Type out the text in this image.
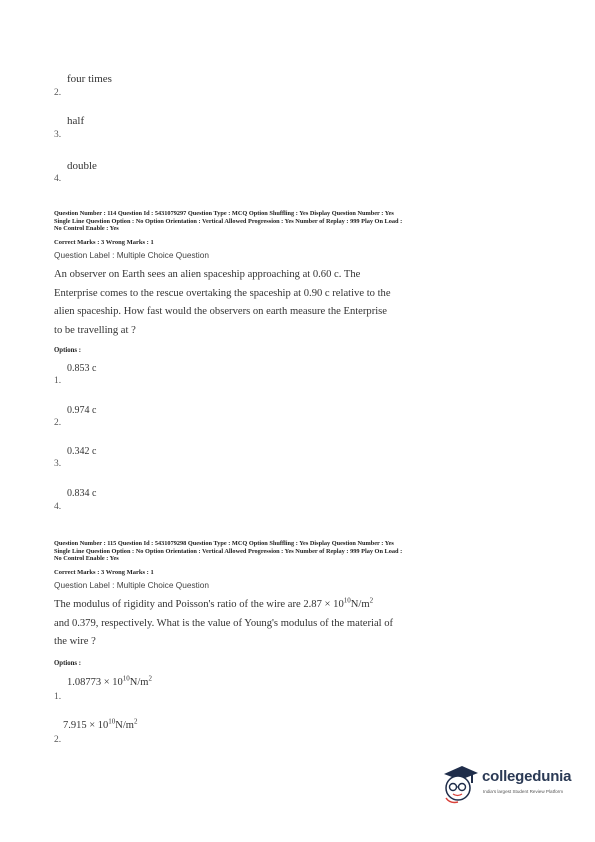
four times
2.
half
3.
double
4.
Question Number : 114 Question Id : 5431079297 Question Type : MCQ Option Shuffling : Yes Display Question Number : Yes
Single Line Question Option : No Option Orientation : Vertical Allowed Progression : Yes Number of Replay : 999 Play On Load :
No Control Enable : Yes
Correct Marks : 3 Wrong Marks : 1
Question Label : Multiple Choice Question
An observer on Earth sees an alien spaceship approaching at 0.60 c. The
Enterprise comes to the rescue overtaking the spaceship at 0.90 c relative to the
alien spaceship. How fast would the observers on earth measure the Enterprise
to be travelling at ?
Options :
0.853 c
1.
0.974 c
2.
0.342 c
3.
0.834 c
4.
Question Number : 115 Question Id : 5431079298 Question Type : MCQ Option Shuffling : Yes Display Question Number : Yes
Single Line Question Option : No Option Orientation : Vertical Allowed Progression : Yes Number of Replay : 999 Play On Load :
No Control Enable : Yes
Correct Marks : 3 Wrong Marks : 1
Question Label : Multiple Choice Question
The modulus of rigidity and Poisson's ratio of the wire are $2.87 \times 10^{10}N/m^2$
and 0.379, respectively. What is the value of Young's modulus of the material of
the wire ?
Options :
$1.08773 \times 10^{10}N/m^2$
1.
$7.915 \times 10^{10}N/m^2$
2.
collegedunia
India's largest Student Review Platform
